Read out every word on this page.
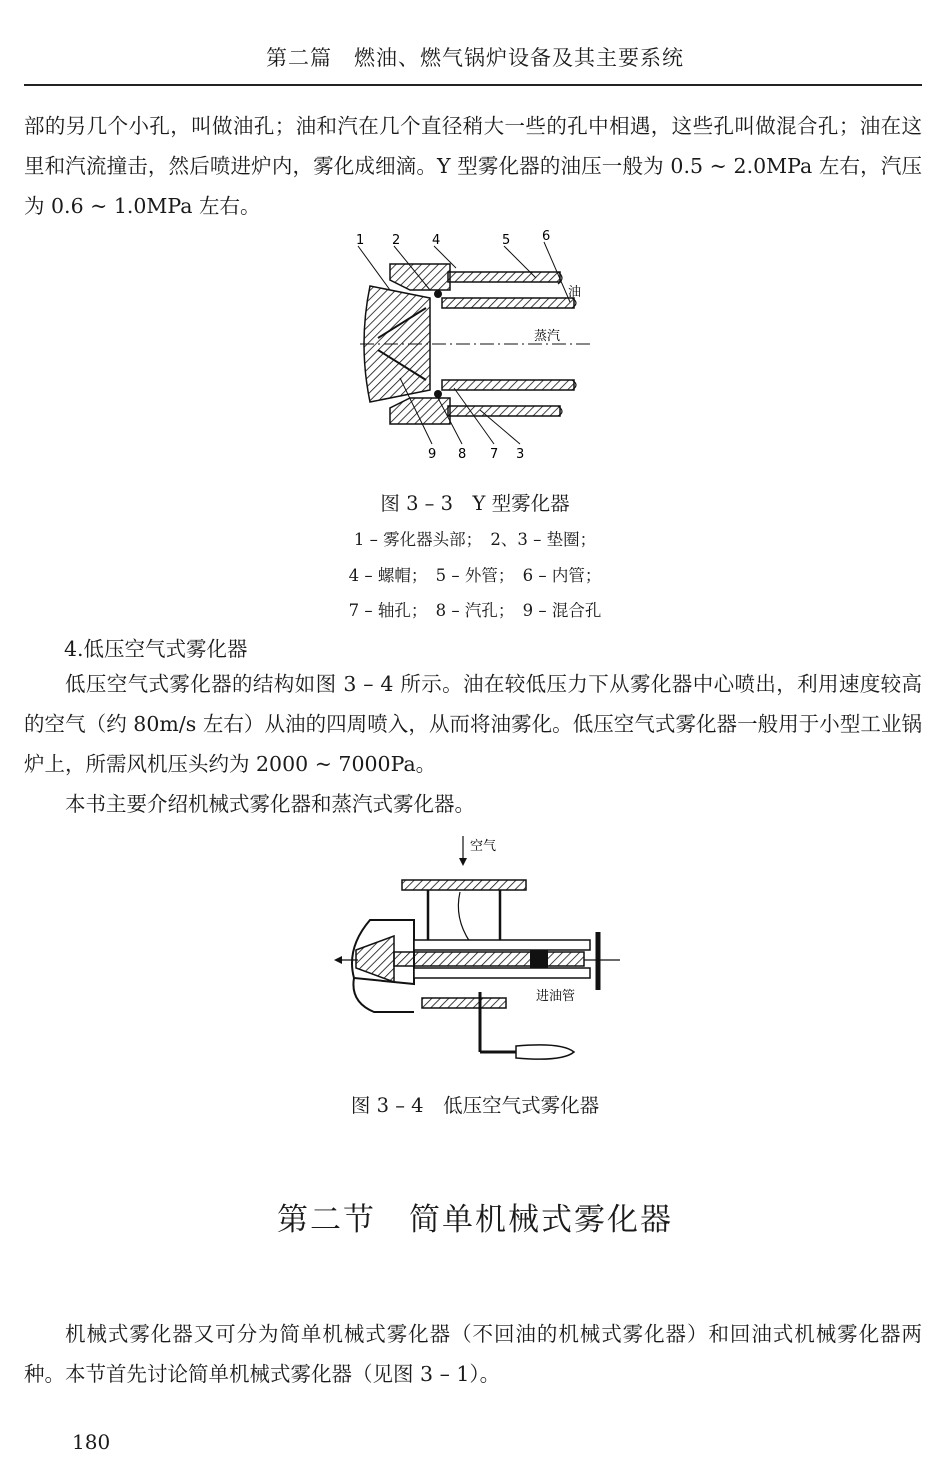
第二篇　燃油、燃气锅炉设备及其主要系统

部的另几个小孔，叫做油孔；油和汽在几个直径稍大一些的孔中相遇，这些孔叫做混合孔；油在这里和汽流撞击，然后喷进炉内，雾化成细滴。Y 型雾化器的油压一般为 0.5 ~ 2.0MPa 左右，汽压为 0.6 ~ 1.0MPa 左右。

1 2 4	5 6
9 8 7 3
油
蒸汽
图 3 – 3　Y 型雾化器
1 – 雾化器头部；　2、3 – 垫圈；
4 – 螺帽；　5 – 外管；　6 – 内管；
7 – 轴孔；　8 – 汽孔；　9 – 混合孔
4.低压空气式雾化器

低压空气式雾化器的结构如图 3 – 4 所示。油在较低压力下从雾化器中心喷出，利用速度较高的空气（约 80m/s 左右）从油的四周喷入，从而将油雾化。低压空气式雾化器一般用于小型工业锅炉上，所需风机压头约为 2000 ~ 7000Pa。

本书主要介绍机械式雾化器和蒸汽式雾化器。

空气
进油管
图 3 – 4　低压空气式雾化器
第二节　简单机械式雾化器

机械式雾化器又可分为简单机械式雾化器（不回油的机械式雾化器）和回油式机械雾化器两种。本节首先讨论简单机械式雾化器（见图 3 – 1）。

180
